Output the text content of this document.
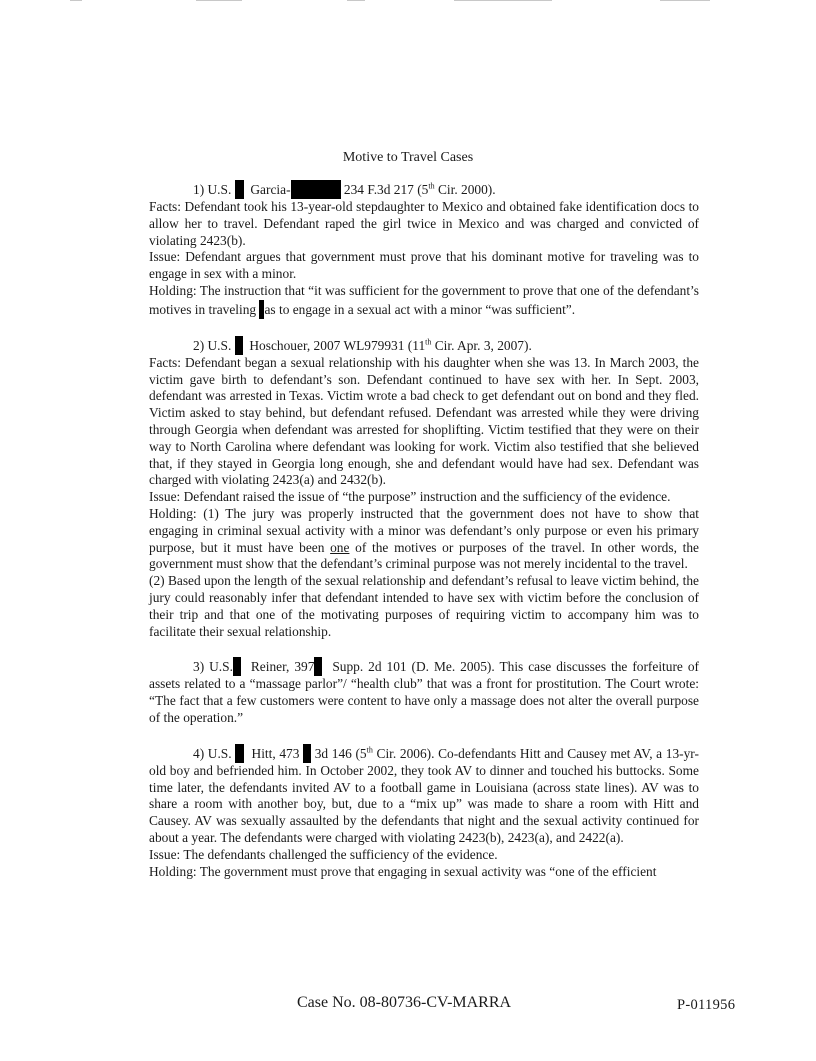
Motive to Travel Cases

1) U.S. Garcia-	234 F.3d 217 (5th Cir. 2000).

Facts: Defendant took his 13-year-old stepdaughter to Mexico and obtained fake identification docs to allow her to travel. Defendant raped the girl twice in Mexico and was charged and convicted of violating 2423(b).

Issue: Defendant argues that government must prove that his dominant motive for traveling was to engage in sex with a minor.

Holding: The instruction that “it was sufficient for the government to prove that one of the defendant’s motives in traveling as to engage in a sexual act with a minor “was sufficient”.

2) U.S. Hoschouer, 2007 WL979931 (11th Cir. Apr. 3, 2007).

Facts: Defendant began a sexual relationship with his daughter when she was 13. In March 2003, the victim gave birth to defendant’s son. Defendant continued to have sex with her. In Sept. 2003, defendant was arrested in Texas. Victim wrote a bad check to get defendant out on bond and they fled. Victim asked to stay behind, but defendant refused. Defendant was arrested while they were driving through Georgia when defendant was arrested for shoplifting. Victim testified that they were on their way to North Carolina where defendant was looking for work. Victim also testified that she believed that, if they stayed in Georgia long enough, she and defendant would have had sex. Defendant was charged with violating 2423(a) and 2432(b).

Issue: Defendant raised the issue of “the purpose” instruction and the sufficiency of the evidence.

Holding: (1) The jury was properly instructed that the government does not have to show that engaging in criminal sexual activity with a minor was defendant’s only purpose or even his primary purpose, but it must have been one of the motives or purposes of the travel. In other words, the government must show that the defendant’s criminal purpose was not merely incidental to the travel.

(2) Based upon the length of the sexual relationship and defendant’s refusal to leave victim behind, the jury could reasonably infer that defendant intended to have sex with victim before the conclusion of their trip and that one of the motivating purposes of requiring victim to accompany him was to facilitate their sexual relationship.

3) U.S. Reiner, 397 Supp. 2d 101 (D. Me. 2005). This case discusses the forfeiture of assets related to a “massage parlor”/ “health club” that was a front for prostitution. The Court wrote: “The fact that a few customers were content to have only a massage does not alter the overall purpose of the operation.”

4) U.S. Hitt, 473 3d 146 (5th Cir. 2006). Co-defendants Hitt and Causey met AV, a 13-yr-old boy and befriended him. In October 2002, they took AV to dinner and touched his buttocks. Some time later, the defendants invited AV to a football game in Louisiana (across state lines). AV was to share a room with another boy, but, due to a “mix up” was made to share a room with Hitt and Causey. AV was sexually assaulted by the defendants that night and the sexual activity continued for about a year. The defendants were charged with violating 2423(b), 2423(a), and 2422(a).

Issue: The defendants challenged the sufficiency of the evidence.

Holding: The government must prove that engaging in sexual activity was “one of the efficient

Case No. 08-80736-CV-MARRA	P-011956
